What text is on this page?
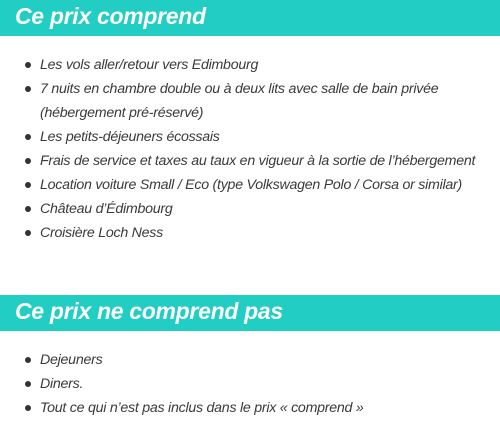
Ce prix comprend
Les vols aller/retour vers Edimbourg
7 nuits en chambre double ou à deux lits avec salle de bain privée
(hébergement pré-réservé)
Les petits-déjeuners écossais
Frais de service et taxes au taux en vigueur à la sortie de l’hébergement
Location voiture Small / Eco (type Volkswagen Polo / Corsa or similar)
Château d’Édimbourg
Croisière Loch Ness
Ce prix ne comprend pas
Dejeuners
Diners.
Tout ce qui n’est pas inclus dans le prix « comprend »
